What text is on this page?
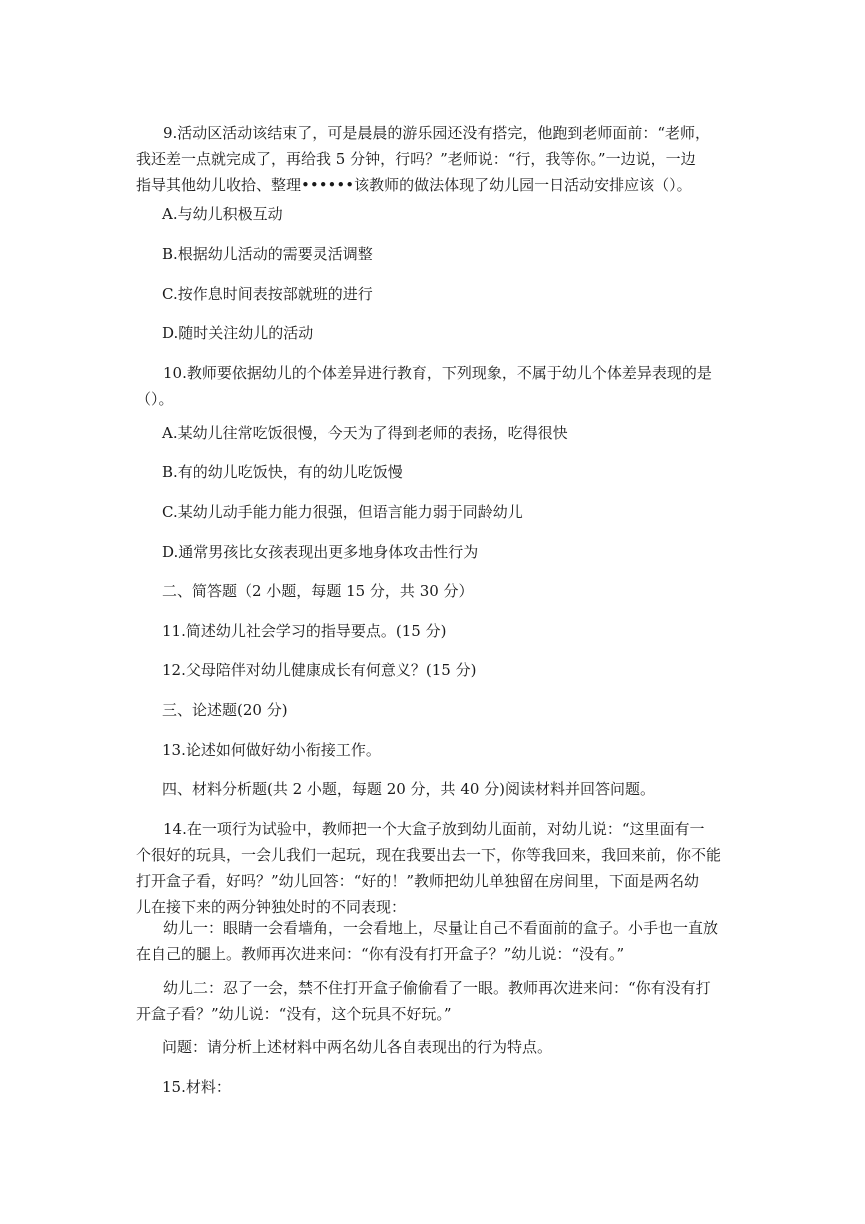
9.活动区活动该结束了，可是晨晨的游乐园还没有搭完，他跑到老师面前：“老师，
我还差一点就完成了，再给我 5 分钟，行吗？”老师说：“行，我等你。”一边说，一边
指导其他幼儿收拾、整理••••••该教师的做法体现了幼儿园一日活动安排应该（）。

A.与幼儿积极互动

B.根据幼儿活动的需要灵活调整

C.按作息时间表按部就班的进行

D.随时关注幼儿的活动

10.教师要依据幼儿的个体差异进行教育，下列现象，不属于幼儿个体差异表现的是
（）。

A.某幼儿往常吃饭很慢，今天为了得到老师的表扬，吃得很快

B.有的幼儿吃饭快，有的幼儿吃饭慢

C.某幼儿动手能力能力很强，但语言能力弱于同龄幼儿

D.通常男孩比女孩表现出更多地身体攻击性行为

二、简答题（2 小题，每题 15 分，共 30 分）

11.简述幼儿社会学习的指导要点。(15 分)

12.父母陪伴对幼儿健康成长有何意义？(15 分)

三、论述题(20 分)

13.论述如何做好幼小衔接工作。

四、材料分析题(共 2 小题，每题 20 分，共 40 分)阅读材料并回答问题。

14.在一项行为试验中，教师把一个大盒子放到幼儿面前，对幼儿说：“这里面有一
个很好的玩具，一会儿我们一起玩，现在我要出去一下，你等我回来，我回来前，你不能
打开盒子看，好吗？”幼儿回答：“好的！”教师把幼儿单独留在房间里，下面是两名幼
儿在接下来的两分钟独处时的不同表现：

幼儿一：眼睛一会看墙角，一会看地上，尽量让自己不看面前的盒子。小手也一直放
在自己的腿上。教师再次进来问：“你有没有打开盒子？”幼儿说：“没有。”

幼儿二：忍了一会，禁不住打开盒子偷偷看了一眼。教师再次进来问：“你有没有打
开盒子看？”幼儿说：“没有，这个玩具不好玩。”

问题：请分析上述材料中两名幼儿各自表现出的行为特点。

15.材料：
